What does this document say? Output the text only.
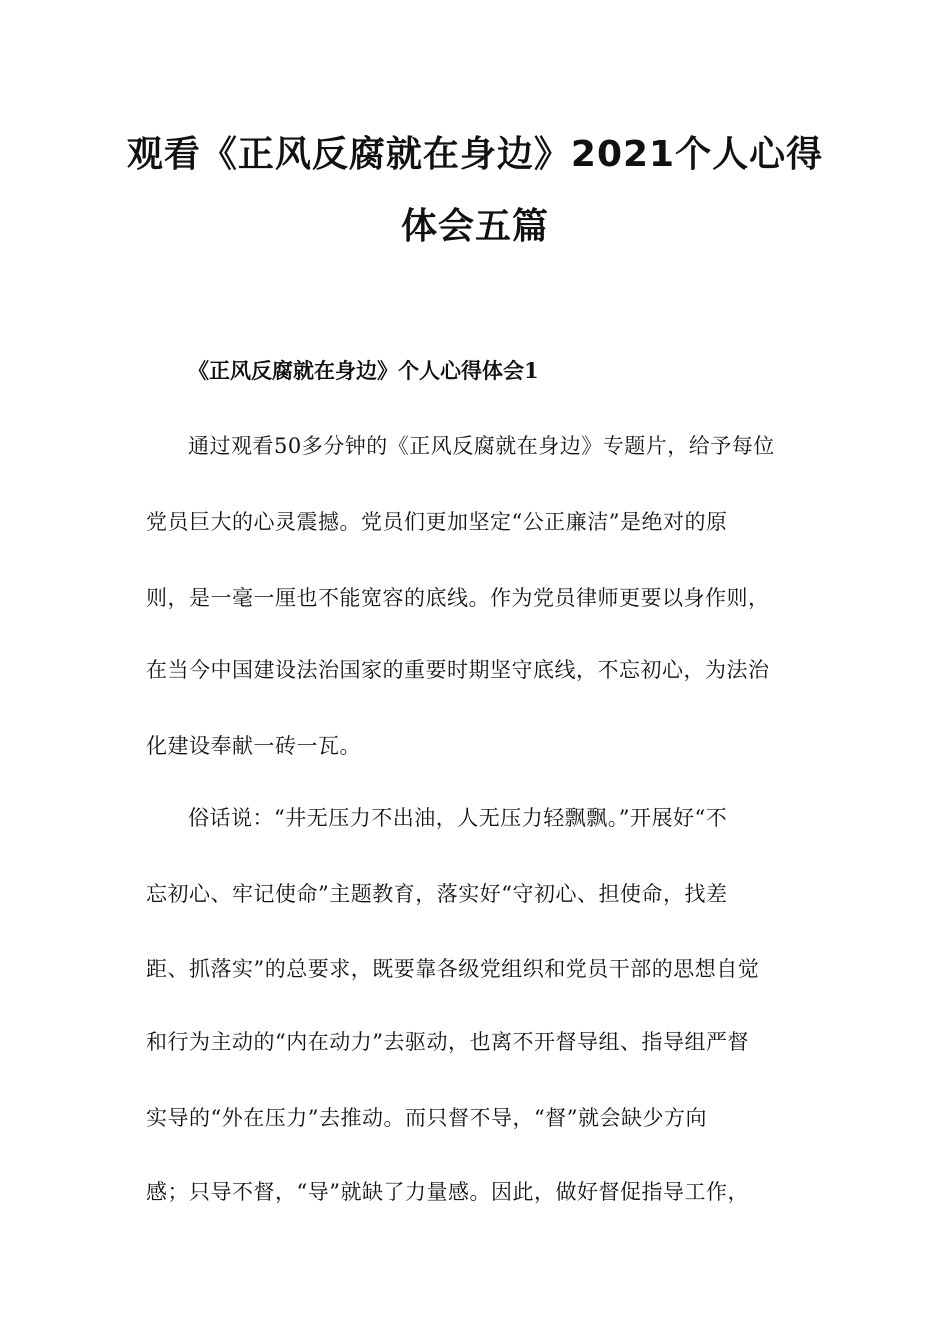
观看《正风反腐就在身边》2021个人心得
体会五篇
《正风反腐就在身边》个人心得体会1
通过观看50多分钟的《正风反腐就在身边》专题片，给予每位
党员巨大的心灵震撼。党员们更加坚定“公正廉洁”是绝对的原
则，是一毫一厘也不能宽容的底线。作为党员律师更要以身作则，
在当今中国建设法治国家的重要时期坚守底线，不忘初心，为法治
化建设奉献一砖一瓦。
俗话说：“井无压力不出油，人无压力轻飘飘。”开展好“不
忘初心、牢记使命”主题教育，落实好“守初心、担使命，找差
距、抓落实”的总要求，既要靠各级党组织和党员干部的思想自觉
和行为主动的“内在动力”去驱动，也离不开督导组、指导组严督
实导的“外在压力”去推动。而只督不导，“督”就会缺少方向
感；只导不督，“导”就缺了力量感。因此，做好督促指导工作，
